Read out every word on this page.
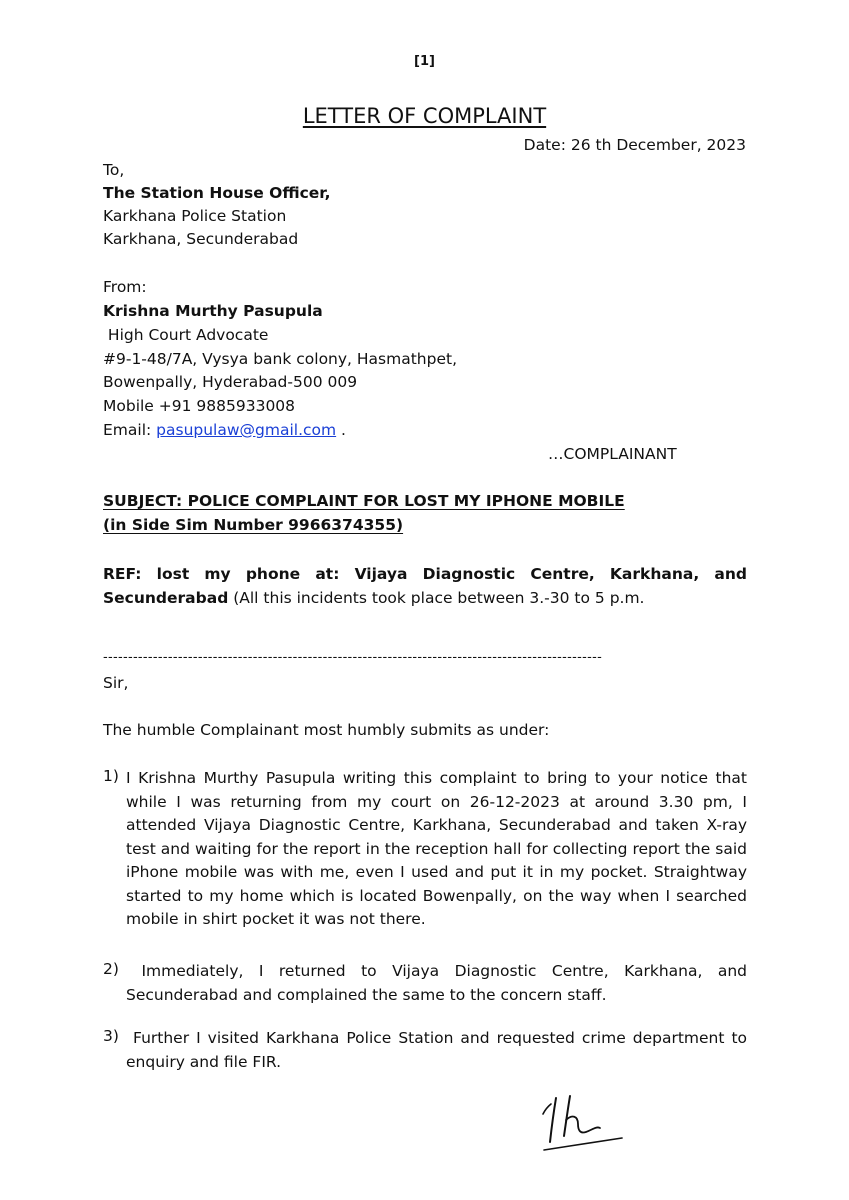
[1]
LETTER OF COMPLAINT
Date: 26 th December, 2023
To,
The Station House Officer,
Karkhana Police Station
Karkhana, Secunderabad
From:
Krishna Murthy Pasupula
High Court Advocate
#9-1-48/7A, Vysya bank colony, Hasmathpet,
Bowenpally, Hyderabad-500 009
Mobile +91 9885933008
Email: pasupulaw@gmail.com .
…COMPLAINANT
SUBJECT: POLICE COMPLAINT FOR LOST MY IPHONE MOBILE
(in Side Sim Number 9966374355)
REF: lost my phone at: Vijaya Diagnostic Centre, Karkhana, and Secunderabad (All this incidents took place between 3.-30 to 5 p.m.
----------------------------------------------------------------------------------------------------
Sir,
The humble Complainant most humbly submits as under:
1) I Krishna Murthy Pasupula writing this complaint to bring to your notice that while I was returning from my court on 26-12-2023 at around 3.30 pm, I attended Vijaya Diagnostic Centre, Karkhana, Secunderabad and taken X-ray test and waiting for the report in the reception hall for collecting report the said iPhone mobile was with me, even I used and put it in my pocket. Straightway started to my home which is located Bowenpally, on the way when I searched mobile in shirt pocket it was not there.
2) Immediately, I returned to Vijaya Diagnostic Centre, Karkhana, and Secunderabad and complained the same to the concern staff.
3) Further I visited Karkhana Police Station and requested crime department to enquiry and file FIR.
